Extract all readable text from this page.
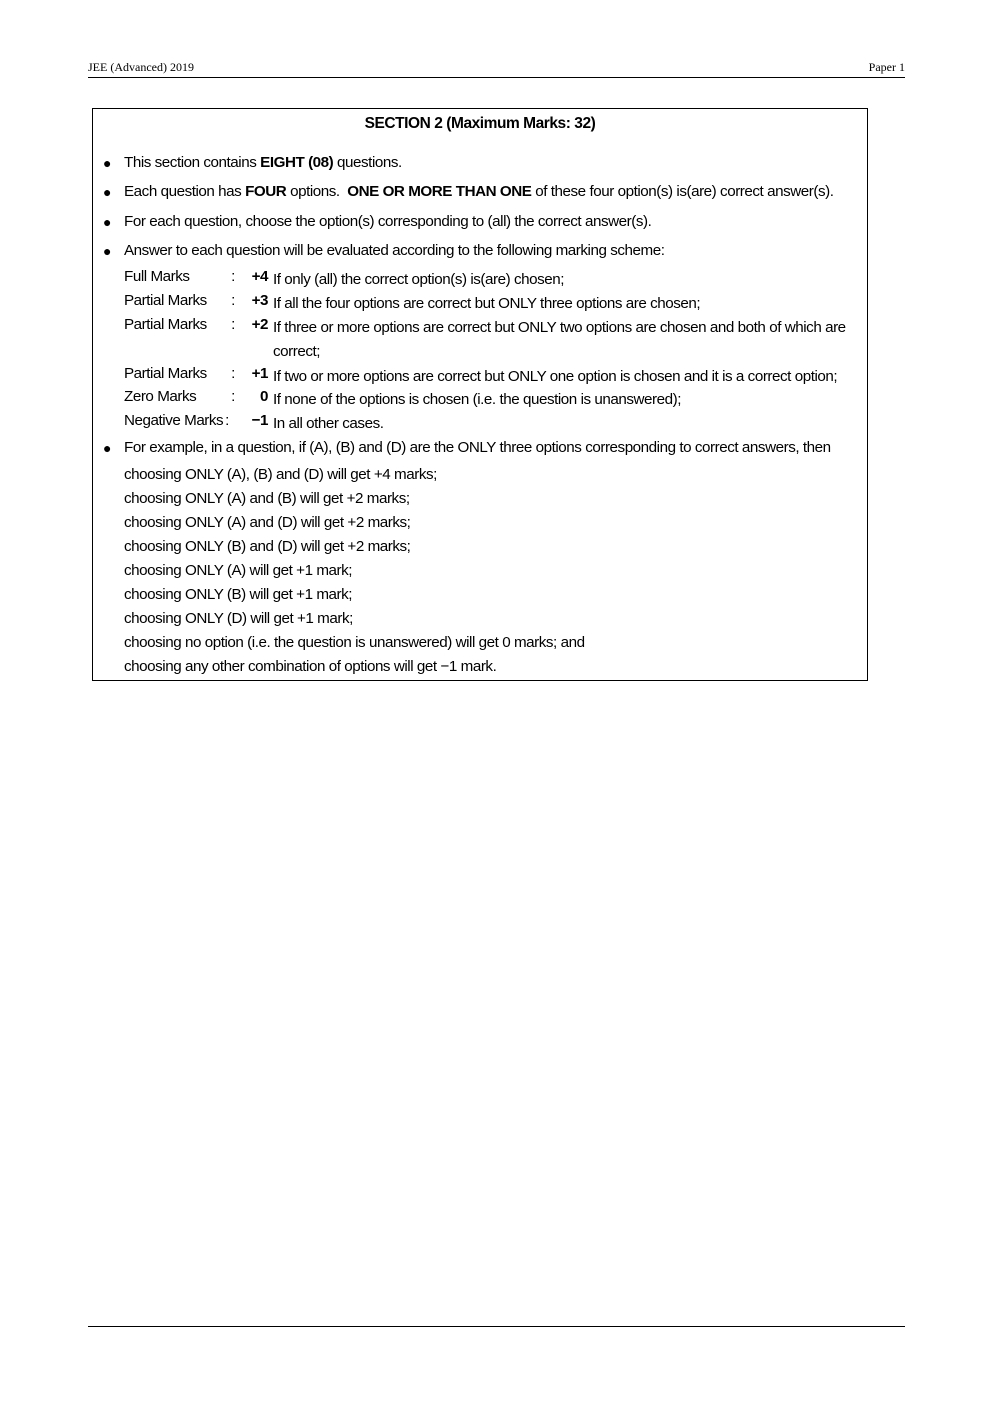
JEE (Advanced) 2019	Paper 1
SECTION 2 (Maximum Marks: 32)
● This section contains EIGHT (08) questions.
● Each question has FOUR options.  ONE OR MORE THAN ONE of these four option(s) is(are) correct answer(s).
● For each question, choose the option(s) corresponding to (all) the correct answer(s).
● Answer to each question will be evaluated according to the following marking scheme:
Full Marks	:	+4 If only (all) the correct option(s) is(are) chosen;
Partial Marks :	+3 If all the four options are correct but ONLY three options are chosen;
Partial Marks :	+2 If three or more options are correct but ONLY two options are chosen and both of which are correct;
Partial Marks :	+1 If two or more options are correct but ONLY one option is chosen and it is a correct option;
Zero Marks :	0 If none of the options is chosen (i.e. the question is unanswered);
Negative Marks :	−1 In all other cases.
● For example, in a question, if (A), (B) and (D) are the ONLY three options corresponding to correct answers, then
choosing ONLY (A), (B) and (D) will get +4 marks;
choosing ONLY (A) and (B) will get +2 marks;
choosing ONLY (A) and (D) will get +2 marks;
choosing ONLY (B) and (D) will get +2 marks;
choosing ONLY (A) will get +1 mark;
choosing ONLY (B) will get +1 mark;
choosing ONLY (D) will get +1 mark;
choosing no option (i.e. the question is unanswered) will get 0 marks; and
choosing any other combination of options will get −1 mark.
